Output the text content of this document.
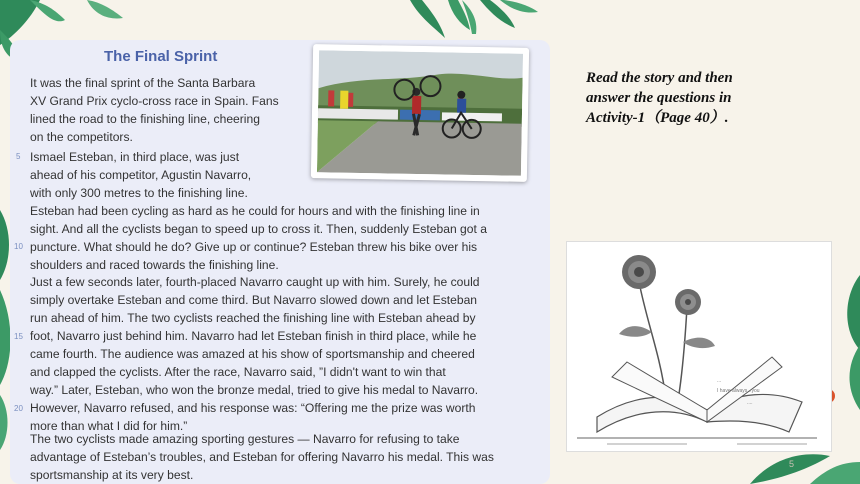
The Final Sprint

It was the final sprint of the Santa Barbara

XV Grand Prix cyclo-cross race in Spain. Fans

lined the road to the finishing line, cheering

on the competitors.

Ismael Esteban, in third place, was just

ahead of his competitor, Agustin Navarro,

with only 300 metres to the finishing line.

Esteban had been cycling as hard as he could for hours and with the finishing line in

sight. And all the cyclists began to speed up to cross it. Then, suddenly Esteban got a

puncture. What should he do? Give up or continue? Esteban threw his bike over his

shoulders and raced towards the finishing line.

Just a few seconds later, fourth-placed Navarro caught up with him. Surely, he could

simply overtake Esteban and come third. But Navarro slowed down and let Esteban

run ahead of him. The two cyclists reached the finishing line with Esteban ahead by

foot, Navarro just behind him. Navarro had let Esteban finish in third place, while he

came fourth. The audience was amazed at his show of sportsmanship and cheered

and clapped the cyclists. After the race, Navarro said, ”I didn't want to win that

way.” Later, Esteban, who won the bronze medal, tried to give his medal to Navarro.

However, Navarro refused, and his response was: “Offering me the prize was worth

more than what I did for him.”

The two cyclists made amazing sporting gestures — Navarro for refusing to take

advantage of Esteban’s troubles, and Esteban for offering Navarro his medal. This was

sportsmanship at its very best.

5
10
15
20

Read the story and then

answer the questions in

Activity-1（Page 40）.

...
I have always ..you
....
5
